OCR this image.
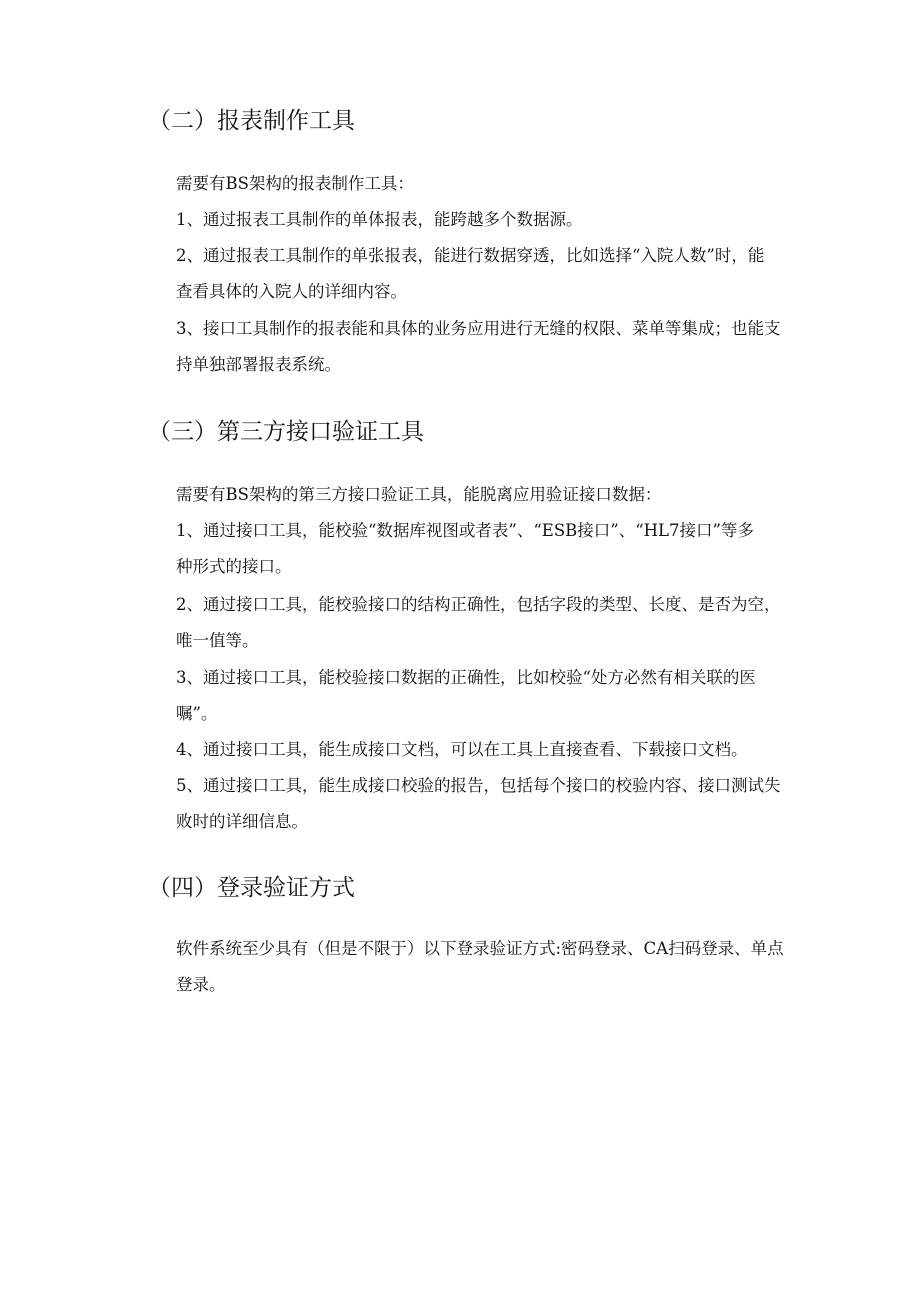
（二）报表制作工具

需要有BS架构的报表制作工具：

1、通过报表工具制作的单体报表，能跨越多个数据源。

2、通过报表工具制作的单张报表，能进行数据穿透，比如选择“入院人数”时，能

查看具体的入院人的详细内容。

3、接口工具制作的报表能和具体的业务应用进行无缝的权限、菜单等集成；也能支

持单独部署报表系统。

（三）第三方接口验证工具

需要有BS架构的第三方接口验证工具，能脱离应用验证接口数据：

1、通过接口工具，能校验“数据库视图或者表”、“ESB接口”、“HL7接口”等多

种形式的接口。

2、通过接口工具，能校验接口的结构正确性，包括字段的类型、长度、是否为空，

唯一值等。

3、通过接口工具，能校验接口数据的正确性，比如校验“处方必然有相关联的医

嘱”。

4、通过接口工具，能生成接口文档，可以在工具上直接查看、下载接口文档。

5、通过接口工具，能生成接口校验的报告，包括每个接口的校验内容、接口测试失

败时的详细信息。

（四）登录验证方式

软件系统至少具有（但是不限于）以下登录验证方式:密码登录、CA扫码登录、单点

登录。
